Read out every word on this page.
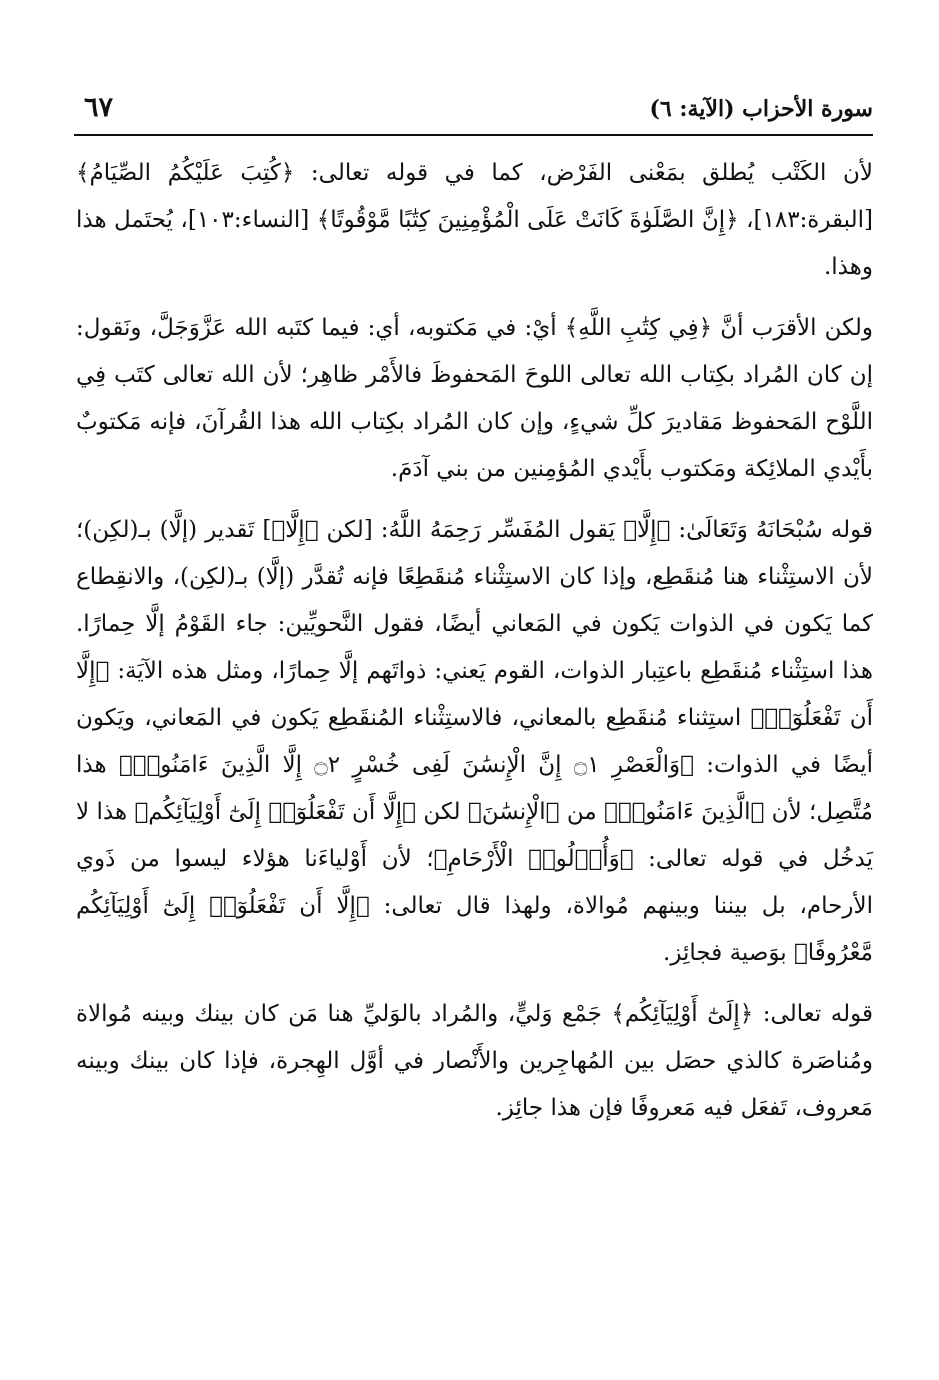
سورة الأحزاب (الآية: ٦)
٦٧

لأن الكَتْب يُطلق بمَعْنى الفَرْض، كما في قوله تعالى: ﴿كُتِبَ عَلَيْكُمُ الصِّيَامُ﴾ [البقرة:١٨٣]، ﴿إِنَّ الصَّلَوٰةَ كَانَتْ عَلَى الْمُؤْمِنِينَ كِتَٰبًا مَّوْقُوتًا﴾ [النساء:١٠٣]، يُحتَمل هذا وهذا.

ولكن الأقرَب أنَّ ﴿فِي كِتَٰبِ اللَّهِ﴾ أيْ: في مَكتوبه، أي: فيما كتَبه الله عَزَّوَجَلَّ، ونَقول: إن كان المُراد بكِتاب الله تعالى اللوحَ المَحفوظَ فالأَمْر ظاهِر؛ لأن الله تعالى كتَب فِي اللَّوْح المَحفوظ مَقاديرَ كلِّ شيءٍ، وإن كان المُراد بكِتاب الله هذا القُرآنَ، فإنه مَكتوبٌ بأَيْدي الملائِكة ومَكتوب بأَيْدي المُؤمِنين من بني آدَمَ.

قوله سُبْحَانَهُ وَتَعَالَىٰ: ﴿إِلَّا﴾ يَقول المُفَسِّر رَحِمَهُ اللَّهُ: [لكن ﴿إِلَّا﴾] تَقدير (إلَّا) بـ(لكِن)؛ لأن الاستِثْناء هنا مُنقَطِع، وإذا كان الاستِثْناء مُنقَطِعًا فإنه تُقدَّر (إلَّا) بـ(لكِن)، والانقِطاع كما يَكون في الذوات يَكون في المَعاني أيضًا، فقول النَّحويِّين: جاء القَوْمُ إلَّا حِمارًا. هذا استِثْناء مُنقَطِع باعتِبار الذوات، القوم يَعني: ذواتَهم إلَّا حِمارًا، ومثل هذه الآيَة: ﴿إِلَّا أَن تَفْعَلُوٓا۟﴾ استِثناء مُنقَطِع بالمعاني، فالاستِثْناء المُنقَطِع يَكون في المَعاني، ويَكون أيضًا في الذوات: ﴿وَالْعَصْرِ ۝١ إِنَّ الْإِنسَٰنَ لَفِى خُسْرٍ ۝٢ إِلَّا الَّذِينَ ءَامَنُوا۟﴾ هذا مُتَّصِل؛ لأن ﴿الَّذِينَ ءَامَنُوا۟﴾ من ﴿الْإِنسَٰنَ﴾ لكن ﴿إِلَّا أَن تَفْعَلُوٓا۟ إِلَىٰٓ أَوْلِيَآئِكُم﴾ هذا لا يَدخُل في قوله تعالى: ﴿وَأُو۟لُوا۟ الْأَرْحَامِ﴾؛ لأن أَوْلياءَنا هؤلاء ليسوا من ذَوي الأرحام، بل بيننا وبينهم مُوالاة، ولهذا قال تعالى: ﴿إِلَّا أَن تَفْعَلُوٓا۟ إِلَىٰٓ أَوْلِيَآئِكُم مَّعْرُوفًا﴾ بوَصية فجائِز.

قوله تعالى: ﴿إِلَىٰٓ أَوْلِيَآئِكُم﴾ جَمْع وَليٍّ، والمُراد بالوَليِّ هنا مَن كان بينك وبينه مُوالاة ومُناصَرة كالذي حصَل بين المُهاجِرين والأَنْصار في أوَّل الهِجرة، فإذا كان بينك وبينه مَعروف، تَفعَل فيه مَعروفًا فإن هذا جائِز.
